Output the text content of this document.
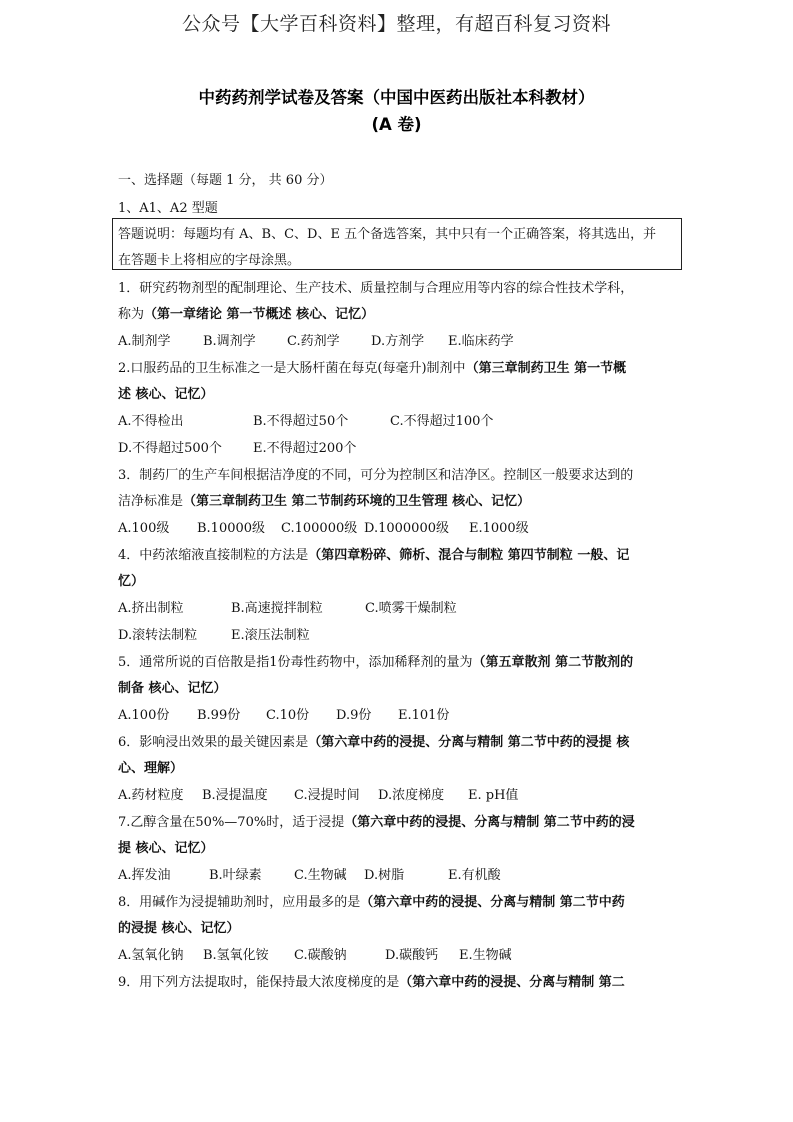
公众号【大学百科资料】整理，有超百科复习资料
中药药剂学试卷及答案（中国中医药出版社本科教材）
(A 卷)
一、选择题（每题 1 分， 共 60 分）
1、A1、A2 型题
答题说明：每题均有 A、B、C、D、E 五个备选答案，其中只有一个正确答案，将其选出，并
在答题卡上将相应的字母涂黑。
1．研究药物剂型的配制理论、生产技术、质量控制与合理应用等内容的综合性技术学科，
称为（第一章绪论 第一节概述 核心、记忆）
A.制剂学 B.调剂学 C.药剂学 D.方剂学 E.临床药学
2.口服药品的卫生标准之一是大肠杆菌在每克(每毫升)制剂中（第三章制药卫生 第一节概
述 核心、记忆）
A.不得检出	B.不得超过50个	C.不得超过100个
D.不得超过500个 E.不得超过200个
3．制药厂的生产车间根据洁净度的不同，可分为控制区和洁净区。控制区一般要求达到的
洁净标准是（第三章制药卫生 第二节制药环境的卫生管理 核心、记忆）
A.100级 B.10000级 C.100000级 D.1000000级 E.1000级
4．中药浓缩液直接制粒的方法是（第四章粉碎、筛析、混合与制粒 第四节制粒 一般、记
忆）
A.挤出制粒	B.高速搅拌制粒	C.喷雾干燥制粒
D.滚转法制粒	E.滚压法制粒
5．通常所说的百倍散是指1份毒性药物中，添加稀释剂的量为（第五章散剂 第二节散剂的
制备 核心、记忆）
A.100份 B.99份 C.10份 D.9份 E.101份
6．影响浸出效果的最关键因素是（第六章中药的浸提、分离与精制 第二节中药的浸提 核
心、理解）
A.药材粒度 B.浸提温度 C.浸提时间 D.浓度梯度 E. pH值
7.乙醇含量在50%—70%时，适于浸提（第六章中药的浸提、分离与精制 第二节中药的浸
提 核心、记忆）
A.挥发油	B.叶绿素 C.生物碱 D.树脂	E.有机酸
8．用碱作为浸提辅助剂时，应用最多的是（第六章中药的浸提、分离与精制 第二节中药
的浸提 核心、记忆）
A.氢氧化钠 B.氢氧化铵 C.碳酸钠	D.碳酸钙 E.生物碱
9．用下列方法提取时，能保持最大浓度梯度的是（第六章中药的浸提、分离与精制 第二
